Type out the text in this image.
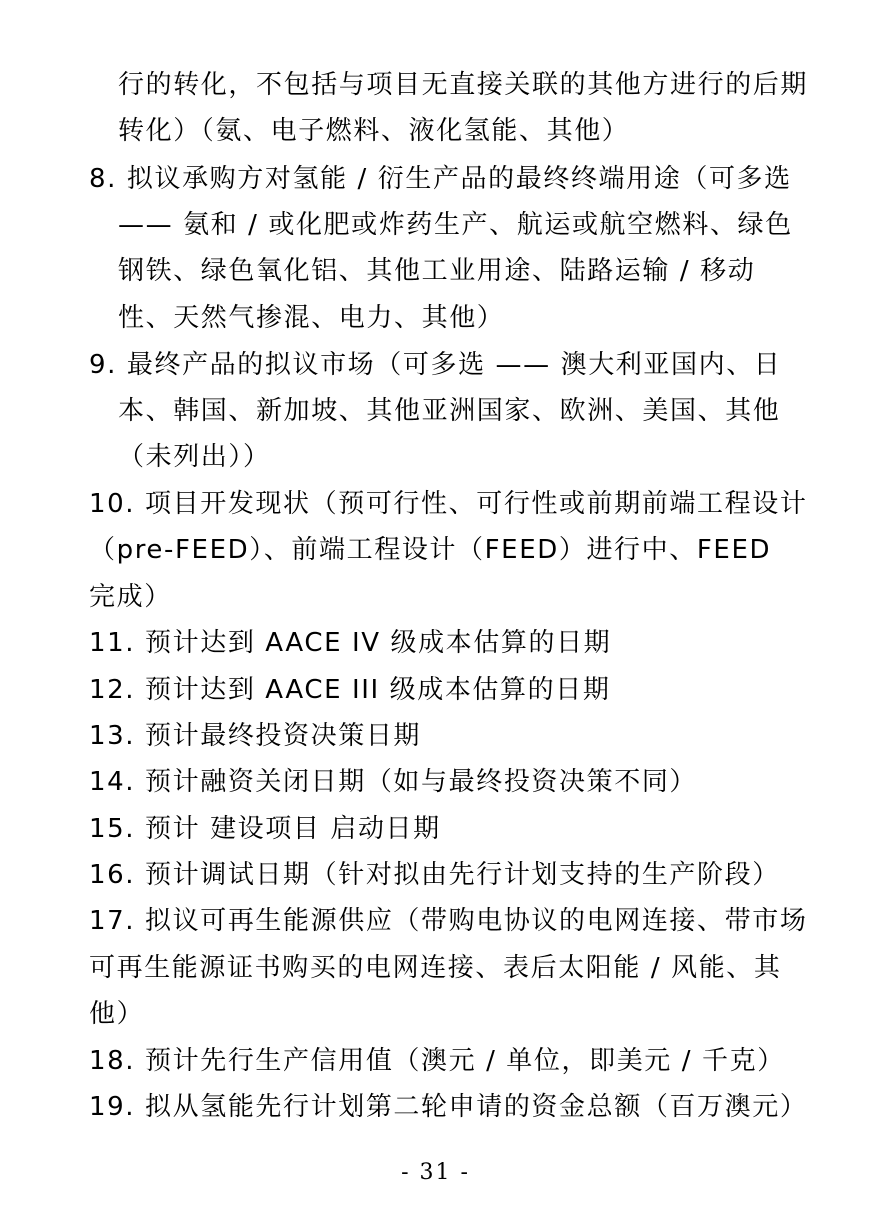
行的转化，不包括与项目无直接关联的其他方进行的后期
转化）（氨、电子燃料、液化氢能、其他）
8. 拟议承购方对氢能 / 衍生产品的最终终端用途（可多选
—— 氨和 / 或化肥或炸药生产、航运或航空燃料、绿色
钢铁、绿色氧化铝、其他工业用途、陆路运输 / 移动
性、天然气掺混、电力、其他）
9. 最终产品的拟议市场（可多选 —— 澳大利亚国内、日
本、韩国、新加坡、其他亚洲国家、欧洲、美国、其他
（未列出））
10. 项目开发现状（预可行性、可行性或前期前端工程设计
（pre-FEED）、前端工程设计（FEED）进行中、FEED
完成）
11. 预计达到 AACE IV 级成本估算的日期
12. 预计达到 AACE III 级成本估算的日期
13. 预计最终投资决策日期
14. 预计融资关闭日期（如与最终投资决策不同）
15. 预计 建设项目 启动日期
16. 预计调试日期（针对拟由先行计划支持的生产阶段）
17. 拟议可再生能源供应（带购电协议的电网连接、带市场
可再生能源证书购买的电网连接、表后太阳能 / 风能、其
他）
18. 预计先行生产信用值（澳元 / 单位，即美元 / 千克）
19. 拟从氢能先行计划第二轮申请的资金总额（百万澳元）
- 31 -
